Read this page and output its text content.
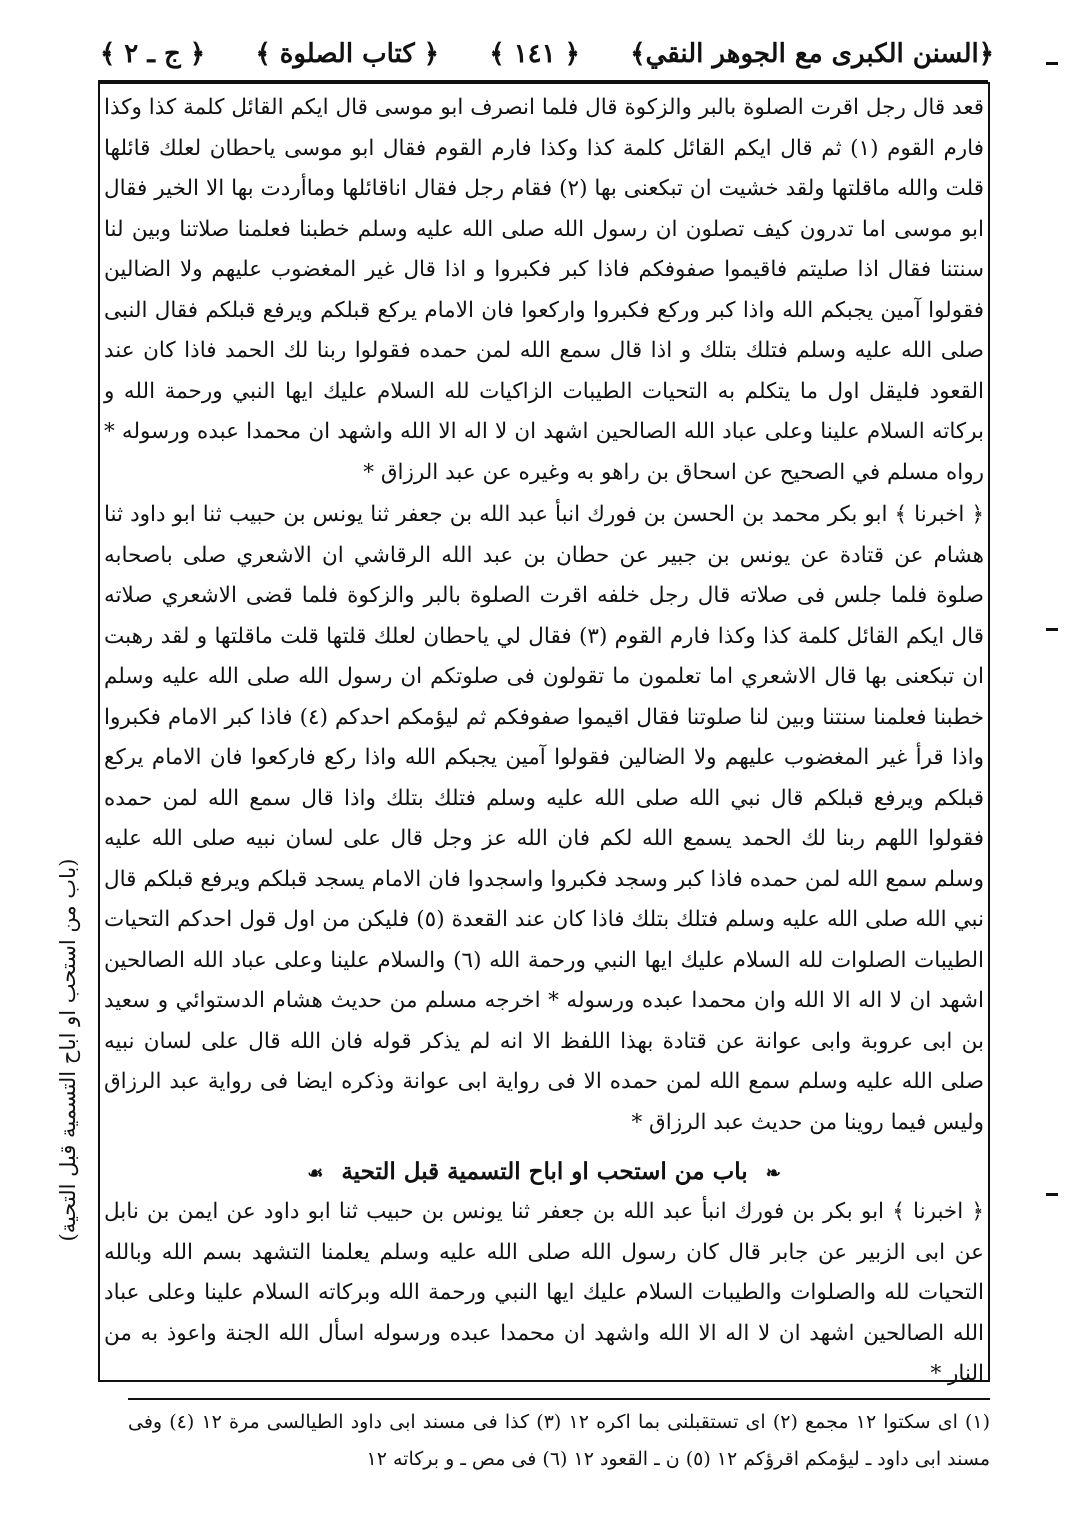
﴿السنن الكبرى مع الجوهر النقي﴾
﴿ ١٤١ ﴾
﴿ كتاب الصلوة ﴾
﴿ ج ـ ٢ ﴾

قعد قال رجل اقرت الصلوة بالبر والزكوة قال فلما انصرف ابو موسى قال ايكم القائل كلمة كذا وكذا فارم القوم (١) ثم قال ايكم القائل كلمة كذا وكذا فارم القوم فقال ابو موسى ياحطان لعلك قائلها قلت والله ماقلتها ولقد خشيت ان تبكعنى بها (٢) فقام رجل فقال اناقائلها وماأردت بها الا الخير فقال ابو موسى اما تدرون كيف تصلون ان رسول الله صلى الله عليه وسلم خطبنا فعلمنا صلاتنا وبين لنا سنتنا فقال اذا صليتم فاقيموا صفوفكم فاذا كبر فكبروا و اذا قال غير المغضوب عليهم ولا الضالين فقولوا آمين يجبكم الله واذا كبر وركع فكبروا واركعوا فان الامام يركع قبلكم ويرفع قبلكم فقال النبى صلى الله عليه وسلم فتلك بتلك و اذا قال سمع الله لمن حمده فقولوا ربنا لك الحمد فاذا كان عند القعود فليقل اول ما يتكلم به التحيات الطيبات الزاكيات لله السلام عليك ايها النبي ورحمة الله و بركاته السلام علينا وعلى عباد الله الصالحين اشهد ان لا اله الا الله واشهد ان محمدا عبده ورسوله * رواه مسلم في الصحيح عن اسحاق بن راهو به وغيره عن عبد الرزاق *

﴿ اخبرنا ﴾ ابو بكر محمد بن الحسن بن فورك انبأ عبد الله بن جعفر ثنا يونس بن حبيب ثنا ابو داود ثنا هشام عن قتادة عن يونس بن جبير عن حطان بن عبد الله الرقاشي ان الاشعري صلى باصحابه صلوة فلما جلس فى صلاته قال رجل خلفه اقرت الصلوة بالبر والزكوة فلما قضى الاشعري صلاته قال ايكم القائل كلمة كذا وكذا فارم القوم (٣) فقال لي ياحطان لعلك قلتها قلت ماقلتها و لقد رهبت ان تبكعنى بها قال الاشعري اما تعلمون ما تقولون فى صلوتكم ان رسول الله صلى الله عليه وسلم خطبنا فعلمنا سنتنا وبين لنا صلوتنا فقال اقيموا صفوفكم ثم ليؤمكم احدكم (٤) فاذا كبر الامام فكبروا واذا قرأ غير المغضوب عليهم ولا الضالين فقولوا آمين يجبكم الله واذا ركع فاركعوا فان الامام يركع قبلكم ويرفع قبلكم قال نبي الله صلى الله عليه وسلم فتلك بتلك واذا قال سمع الله لمن حمده فقولوا اللهم ربنا لك الحمد يسمع الله لكم فان الله عز وجل قال على لسان نبيه صلى الله عليه وسلم سمع الله لمن حمده فاذا كبر وسجد فكبروا واسجدوا فان الامام يسجد قبلكم ويرفع قبلكم قال نبي الله صلى الله عليه وسلم فتلك بتلك فاذا كان عند القعدة (٥) فليكن من اول قول احدكم التحيات الطيبات الصلوات لله السلام عليك ايها النبي ورحمة الله (٦) والسلام علينا وعلى عباد الله الصالحين اشهد ان لا اله الا الله وان محمدا عبده ورسوله * اخرجه مسلم من حديث هشام الدستوائي و سعيد بن ابى عروبة وابى عوانة عن قتادة بهذا اللفظ الا انه لم يذكر قوله فان الله قال على لسان نبيه صلى الله عليه وسلم سمع الله لمن حمده الا فى رواية ابى عوانة وذكره ايضا فى رواية عبد الرزاق وليس فيما روينا من حديث عبد الرزاق *

❧ باب من استحب او اباح التسمية قبل التحية ☙

﴿ اخبرنا ﴾ ابو بكر بن فورك انبأ عبد الله بن جعفر ثنا يونس بن حبيب ثنا ابو داود عن ايمن بن نابل عن ابى الزبير عن جابر قال كان رسول الله صلى الله عليه وسلم يعلمنا التشهد بسم الله وبالله التحيات لله والصلوات والطيبات السلام عليك ايها النبي ورحمة الله وبركاته السلام علينا وعلى عباد الله الصالحين اشهد ان لا اله الا الله واشهد ان محمدا عبده ورسوله اسأل الله الجنة واعوذ به من النار *

(١) اى سكتوا ١٢ مجمع (٢) اى تستقبلنى بما اكره ١٢ (٣) كذا فى مسند ابى داود الطيالسى مرة ١٢ (٤) وفى مسند ابى داود ـ ليؤمكم اقرؤكم ١٢ (٥) ن ـ القعود ١٢ (٦) فى مص ـ و بركاته ١٢
(باب من استحب او اباح التسمية قبل التحية)
